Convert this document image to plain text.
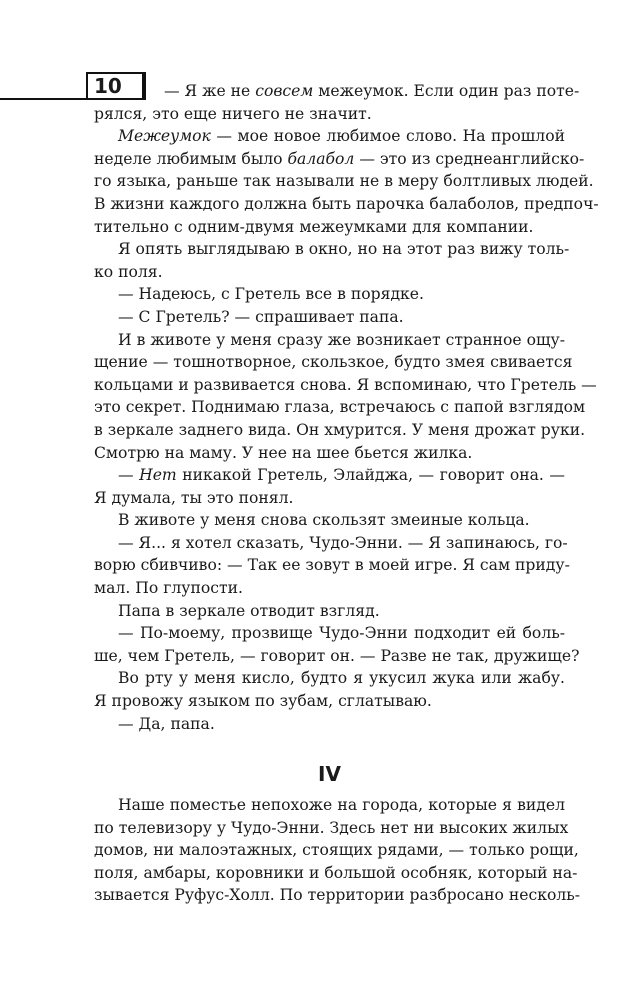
10	— Я же не совсем межеумок. Если один раз поте-
рялся, это еще ничего не значит.
Межеумок — мое новое любимое слово. На прошлой
неделе любимым было балабол — это из среднеанглийско-
го языка, раньше так называли не в меру болтливых людей.
В жизни каждого должна быть парочка балаболов, предпоч-
тительно с одним-двумя межеумками для компании.
Я опять выглядываю в окно, но на этот раз вижу толь-
ко поля.
— Надеюсь, с Гретель все в порядке.
— С Гретель? — спрашивает папа.
И в животе у меня сразу же возникает странное ощу-
щение — тошнотворное, скользкое, будто змея свивается
кольцами и развивается снова. Я вспоминаю, что Гретель —
это секрет. Поднимаю глаза, встречаюсь с папой взглядом
в зеркале заднего вида. Он хмурится. У меня дрожат руки.
Смотрю на маму. У нее на шее бьется жилка.
— Нет никакой Гретель, Элайджа, — говорит она. —
Я думала, ты это понял.
В животе у меня снова скользят змеиные кольца.
— Я... я хотел сказать, Чудо-Энни. — Я запинаюсь, го-
ворю сбивчиво: — Так ее зовут в моей игре. Я сам приду-
мал. По глупости.
Папа в зеркале отводит взгляд.
— По-моему, прозвище Чудо-Энни подходит ей боль-
ше, чем Гретель, — говорит он. — Разве не так, дружище?
Во рту у меня кисло, будто я укусил жука или жабу.
Я провожу языком по зубам, сглатываю.
— Да, папа.
IV
Наше поместье непохоже на города, которые я видел
по телевизору у Чудо-Энни. Здесь нет ни высоких жилых
домов, ни малоэтажных, стоящих рядами, — только рощи,
поля, амбары, коровники и большой особняк, который на-
зывается Руфус-Холл. По территории разбросано несколь-
